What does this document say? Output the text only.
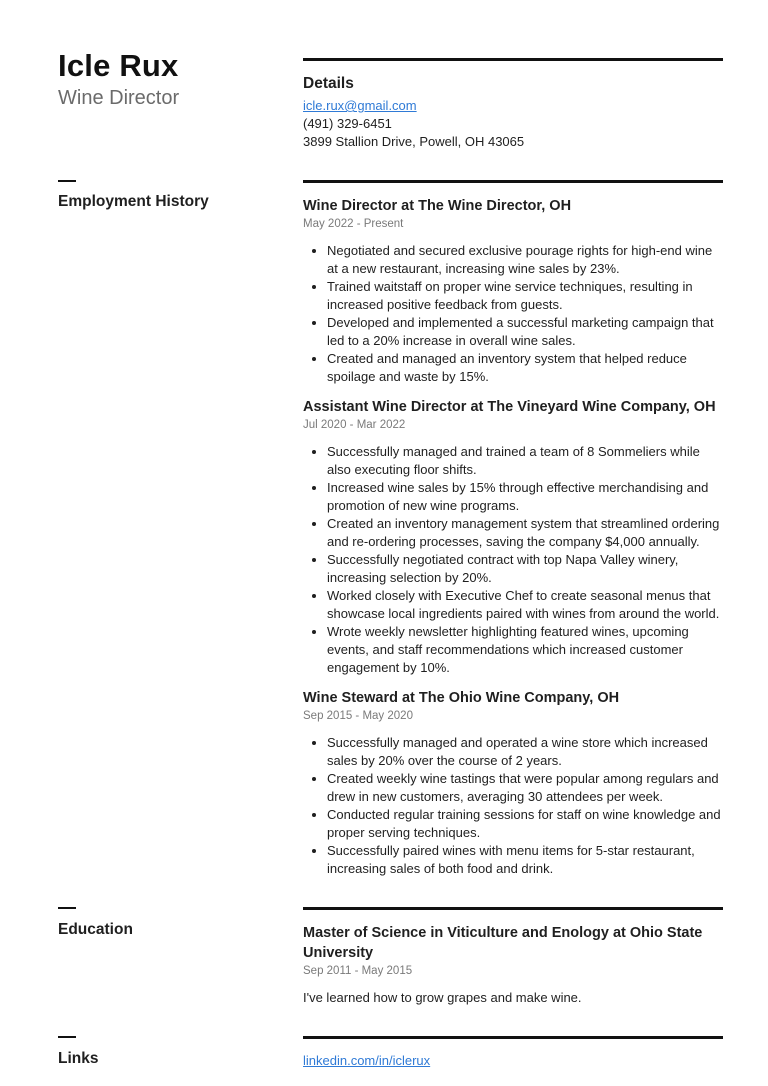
Icle Rux
Wine Director
Details
icle.rux@gmail.com
(491) 329-6451
3899 Stallion Drive, Powell, OH 43065
Employment History	Wine Director at The Wine Director, OH
May 2022 - Present
• Negotiated and secured exclusive pourage rights for high-end wine at a new restaurant, increasing wine sales by 23%.
• Trained waitstaff on proper wine service techniques, resulting in increased positive feedback from guests.
• Developed and implemented a successful marketing campaign that led to a 20% increase in overall wine sales.
• Created and managed an inventory system that helped reduce spoilage and waste by 15%.
Assistant Wine Director at The Vineyard Wine Company, OH
Jul 2020 - Mar 2022
• Successfully managed and trained a team of 8 Sommeliers while also executing floor shifts.
• Increased wine sales by 15% through effective merchandising and promotion of new wine programs.
• Created an inventory management system that streamlined ordering and re-ordering processes, saving the company $4,000 annually.
• Successfully negotiated contract with top Napa Valley winery, increasing selection by 20%.
• Worked closely with Executive Chef to create seasonal menus that showcase local ingredients paired with wines from around the world.
• Wrote weekly newsletter highlighting featured wines, upcoming events, and staff recommendations which increased customer engagement by 10%.
Wine Steward at The Ohio Wine Company, OH
Sep 2015 - May 2020
• Successfully managed and operated a wine store which increased sales by 20% over the course of 2 years.
• Created weekly wine tastings that were popular among regulars and drew in new customers, averaging 30 attendees per week.
• Conducted regular training sessions for staff on wine knowledge and proper serving techniques.
• Successfully paired wines with menu items for 5-star restaurant, increasing sales of both food and drink.
Education	Master of Science in Viticulture and Enology at Ohio State University
Sep 2011 - May 2015
I've learned how to grow grapes and make wine.
Links	linkedin.com/in/iclerux
